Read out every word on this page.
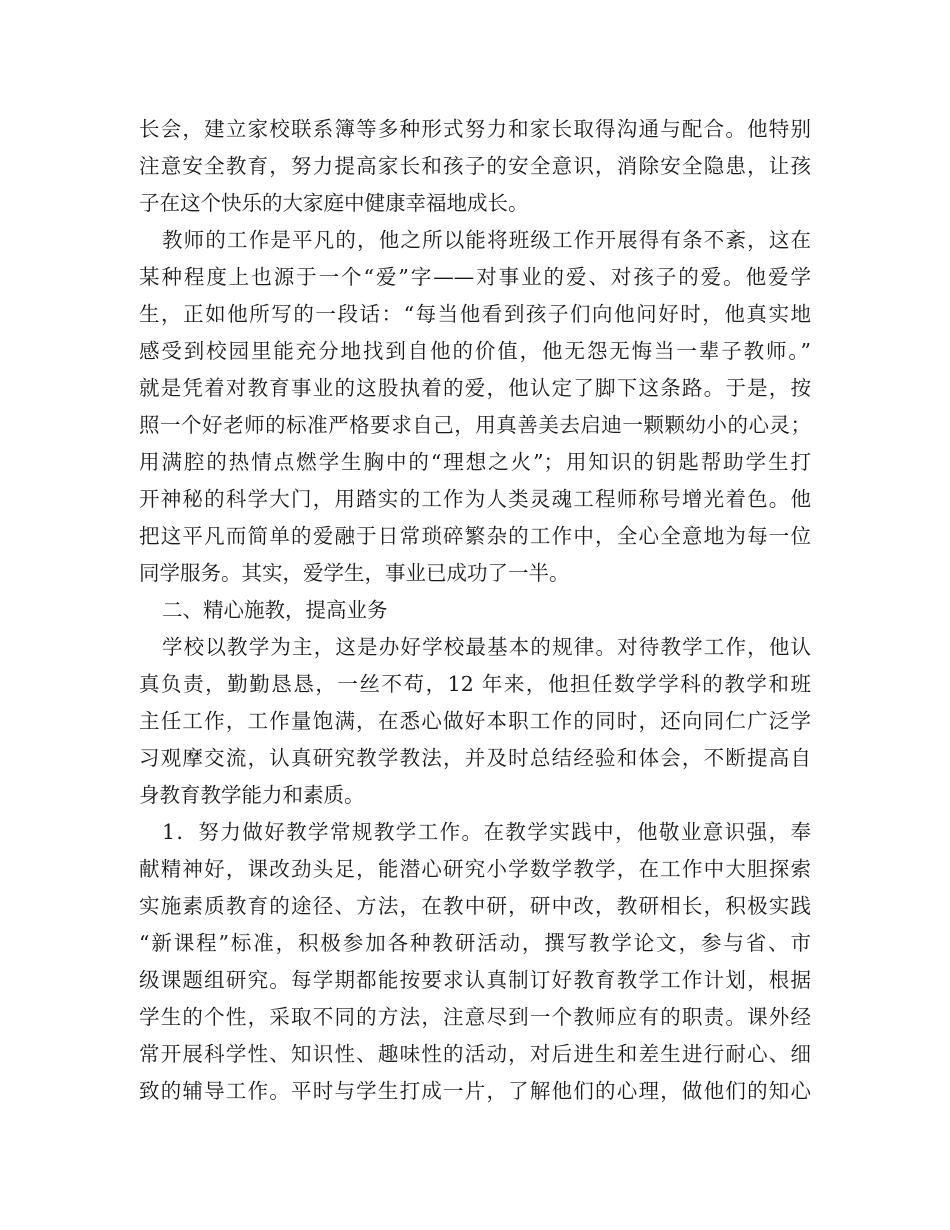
长会，建立家校联系簿等多种形式努力和家长取得沟通与配合。他特别
注意安全教育，努力提高家长和孩子的安全意识，消除安全隐患，让孩
子在这个快乐的大家庭中健康幸福地成长。
教师的工作是平凡的，他之所以能将班级工作开展得有条不紊，这在
某种程度上也源于一个“爱”字——对事业的爱、对孩子的爱。他爱学
生，正如他所写的一段话：“每当他看到孩子们向他问好时，他真实地
感受到校园里能充分地找到自他的价值，他无怨无悔当一辈子教师。”
就是凭着对教育事业的这股执着的爱，他认定了脚下这条路。于是，按
照一个好老师的标准严格要求自己，用真善美去启迪一颗颗幼小的心灵；
用满腔的热情点燃学生胸中的“理想之火”；用知识的钥匙帮助学生打
开神秘的科学大门，用踏实的工作为人类灵魂工程师称号增光着色。他
把这平凡而简单的爱融于日常琐碎繁杂的工作中，全心全意地为每一位
同学服务。其实，爱学生，事业已成功了一半。
二、精心施教，提高业务
学校以教学为主，这是办好学校最基本的规律。对待教学工作，他认
真负责，勤勤恳恳，一丝不苟，12 年来，他担任数学学科的教学和班
主任工作，工作量饱满，在悉心做好本职工作的同时，还向同仁广泛学
习观摩交流，认真研究教学教法，并及时总结经验和体会，不断提高自
身教育教学能力和素质。
1．努力做好教学常规教学工作。在教学实践中，他敬业意识强，奉
献精神好，课改劲头足，能潜心研究小学数学教学，在工作中大胆探索
实施素质教育的途径、方法，在教中研，研中改，教研相长，积极实践
“新课程”标准，积极参加各种教研活动，撰写教学论文，参与省、市
级课题组研究。每学期都能按要求认真制订好教育教学工作计划，根据
学生的个性，采取不同的方法，注意尽到一个教师应有的职责。课外经
常开展科学性、知识性、趣味性的活动，对后进生和差生进行耐心、细
致的辅导工作。平时与学生打成一片，了解他们的心理，做他们的知心
